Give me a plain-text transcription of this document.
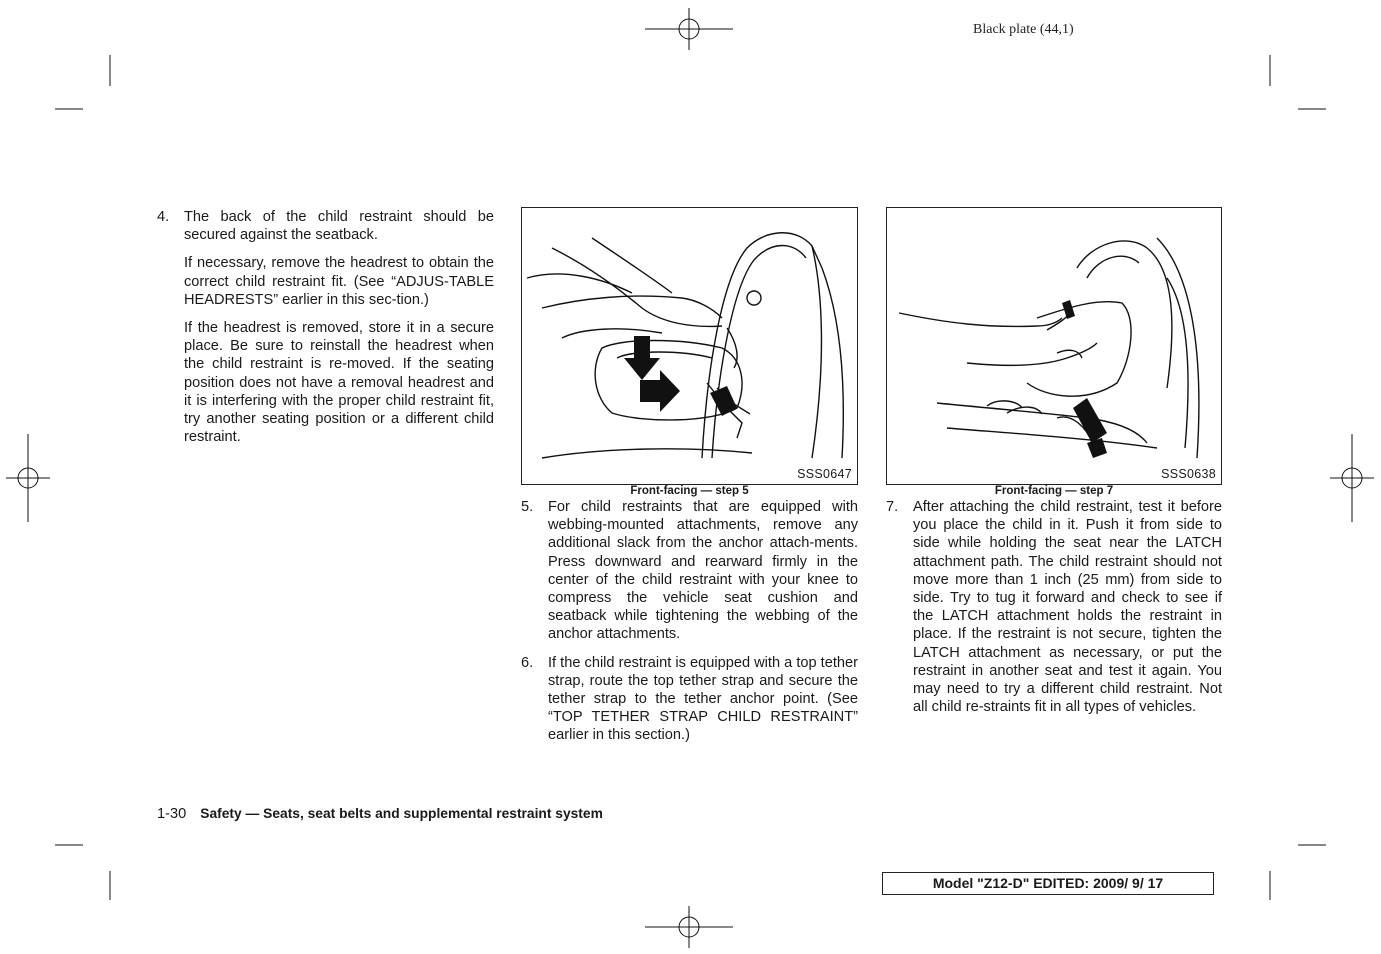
Black plate (44,1)

4. The back of the child restraint should be secured against the seatback.

If necessary, remove the headrest to obtain the correct child restraint fit. (See “ADJUS-TABLE HEADRESTS” earlier in this sec-tion.)

If the headrest is removed, store it in a secure place. Be sure to reinstall the headrest when the child restraint is re-moved. If the seating position does not have a removal headrest and it is interfering with the proper child restraint fit, try another seating position or a different child restraint.

SSS0647
Front-facing — step 5

5. For child restraints that are equipped with webbing-mounted attachments, remove any additional slack from the anchor attach-ments. Press downward and rearward firmly in the center of the child restraint with your knee to compress the vehicle seat cushion and seatback while tightening the webbing of the anchor attachments.

6. If the child restraint is equipped with a top tether strap, route the top tether strap and secure the tether strap to the tether anchor point. (See “TOP TETHER STRAP CHILD RESTRAINT” earlier in this section.)

SSS0638
Front-facing — step 7

7. After attaching the child restraint, test it before you place the child in it. Push it from side to side while holding the seat near the LATCH attachment path. The child restraint should not move more than 1 inch (25 mm) from side to side. Try to tug it forward and check to see if the LATCH attachment holds the restraint in place. If the restraint is not secure, tighten the LATCH attachment as necessary, or put the restraint in another seat and test it again. You may need to try a different child restraint. Not all child re-straints fit in all types of vehicles.

1-30 Safety — Seats, seat belts and supplemental restraint system
Model "Z12-D" EDITED: 2009/ 9/ 17
